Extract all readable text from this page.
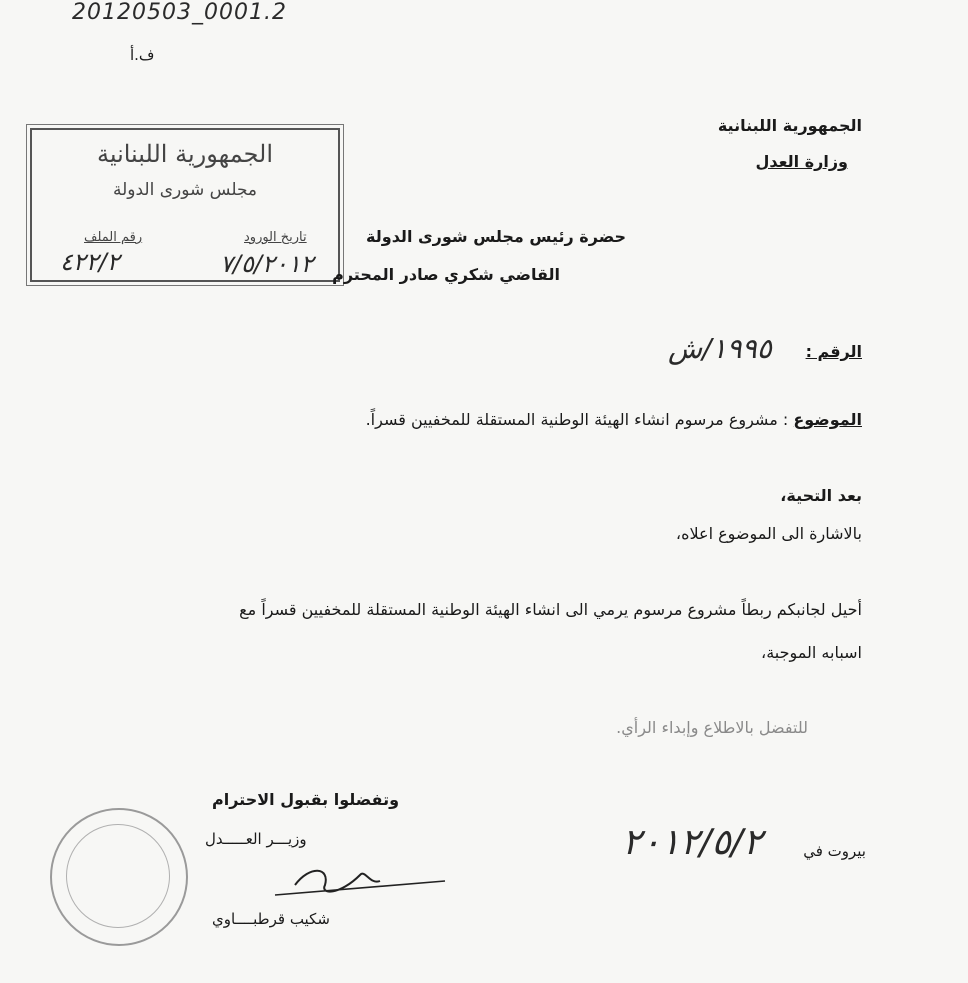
20120503_0001.2
ف.أ
الجمهورية اللبنانية
وزارة العدل
الجمهورية اللبنانية
مجلس شورى الدولة
تاريخ الورود
رقم الملف
٧/٥/٢٠١٢
٤٢٢/٢
حضرة رئيس مجلس شورى الدولة
القاضي شكري صادر المحترم
الرقم :
١٩٩٥/ش
الموضوع : مشروع مرسوم انشاء الهيئة الوطنية المستقلة للمخفيين قسراً.
بعد التحية،
بالاشارة الى الموضوع اعلاه،
أحيل لجانبكم ربطاً مشروع مرسوم يرمي الى انشاء الهيئة الوطنية المستقلة للمخفيين قسراً مع
اسبابه الموجبة،
للتفضل بالاطلاع وإبداء الرأي.
وتفضلوا بقبول الاحترام
وزيـــر العـــــدل
شكيب قرطبــــاوي
بيروت في
٢٠١٢/٥/٢
